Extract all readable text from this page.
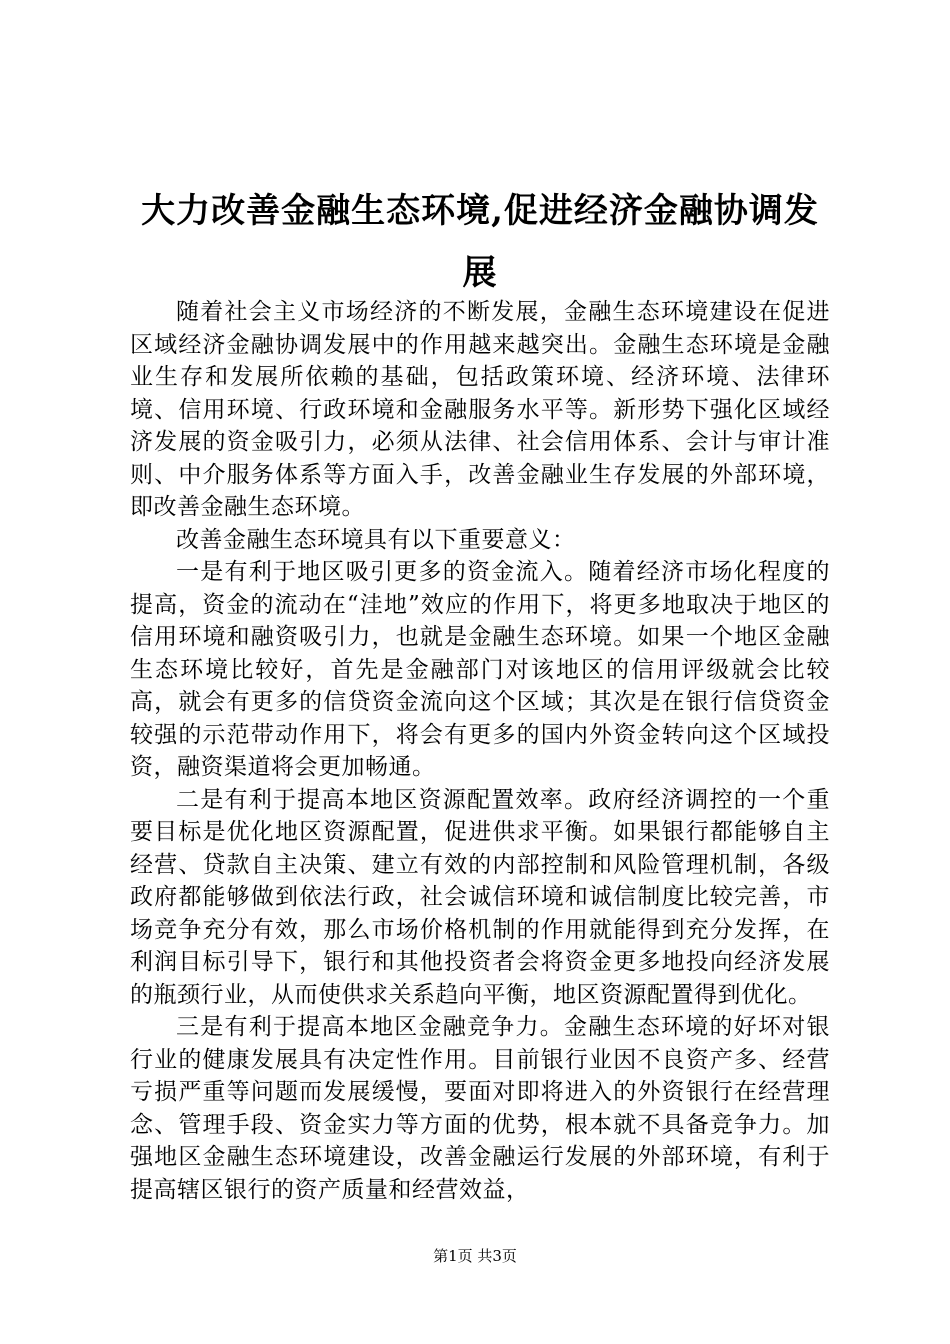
大力改善金融生态环境,促进经济金融协调发展

随着社会主义市场经济的不断发展，金融生态环境建设在促进区域经济金融协调发展中的作用越来越突出。金融生态环境是金融业生存和发展所依赖的基础，包括政策环境、经济环境、法律环境、信用环境、行政环境和金融服务水平等。新形势下强化区域经济发展的资金吸引力，必须从法律、社会信用体系、会计与审计准则、中介服务体系等方面入手，改善金融业生存发展的外部环境，即改善金融生态环境。

改善金融生态环境具有以下重要意义：

一是有利于地区吸引更多的资金流入。随着经济市场化程度的提高，资金的流动在“洼地”效应的作用下，将更多地取决于地区的信用环境和融资吸引力，也就是金融生态环境。如果一个地区金融生态环境比较好，首先是金融部门对该地区的信用评级就会比较高，就会有更多的信贷资金流向这个区域；其次是在银行信贷资金较强的示范带动作用下，将会有更多的国内外资金转向这个区域投资，融资渠道将会更加畅通。

二是有利于提高本地区资源配置效率。政府经济调控的一个重要目标是优化地区资源配置，促进供求平衡。如果银行都能够自主经营、贷款自主决策、建立有效的内部控制和风险管理机制，各级政府都能够做到依法行政，社会诚信环境和诚信制度比较完善，市场竞争充分有效，那么市场价格机制的作用就能得到充分发挥，在利润目标引导下，银行和其他投资者会将资金更多地投向经济发展的瓶颈行业，从而使供求关系趋向平衡，地区资源配置得到优化。

三是有利于提高本地区金融竞争力。金融生态环境的好坏对银行业的健康发展具有决定性作用。目前银行业因不良资产多、经营亏损严重等问题而发展缓慢，要面对即将进入的外资银行在经营理念、管理手段、资金实力等方面的优势，根本就不具备竞争力。加强地区金融生态环境建设，改善金融运行发展的外部环境，有利于提高辖区银行的资产质量和经营效益，

第1页 共3页
